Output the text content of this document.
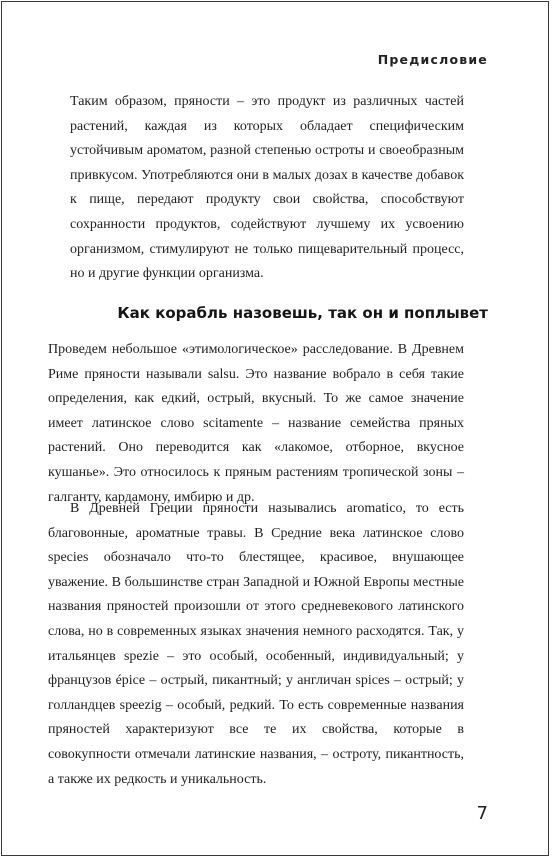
Предисловие

Таким образом, пряности – это продукт из различных частей растений, каждая из которых обладает специфическим устойчивым ароматом, разной степенью остроты и своеобразным привкусом. Употребляются они в малых дозах в качестве добавок к пище, передают продукту свои свойства, способствуют сохранности продуктов, содействуют лучшему их усвоению организмом, стимулируют не только пищеварительный процесс, но и другие функции организма.

Как корабль назовешь, так он и поплывет

Проведем небольшое «этимологическое» расследование. В Древнем Риме пряности называли salsu. Это название вобрало в себя такие определения, как едкий, острый, вкусный. То же самое значение имеет латинское слово scitamente – название семейства пряных растений. Оно переводится как «лакомое, отборное, вкусное кушанье». Это относилось к пряным растениям тропической зоны – галганту, кардамону, имбирю и др.

В Древней Греции пряности назывались aromatico, то есть благовонные, ароматные травы. В Средние века латинское слово species обозначало что-то блестящее, красивое, внушающее уважение. В большинстве стран Западной и Южной Европы местные названия пряностей произошли от этого средневекового латинского слова, но в современных языках значения немного расходятся. Так, у итальянцев spezie – это особый, особенный, индивидуальный; у французов épice – острый, пикантный; у англичан spices – острый; у голландцев speezig – особый, редкий. То есть современные названия пряностей характеризуют все те их свойства, которые в совокупности отмечали латинские названия, – остроту, пикантность, а также их редкость и уникальность.

7
